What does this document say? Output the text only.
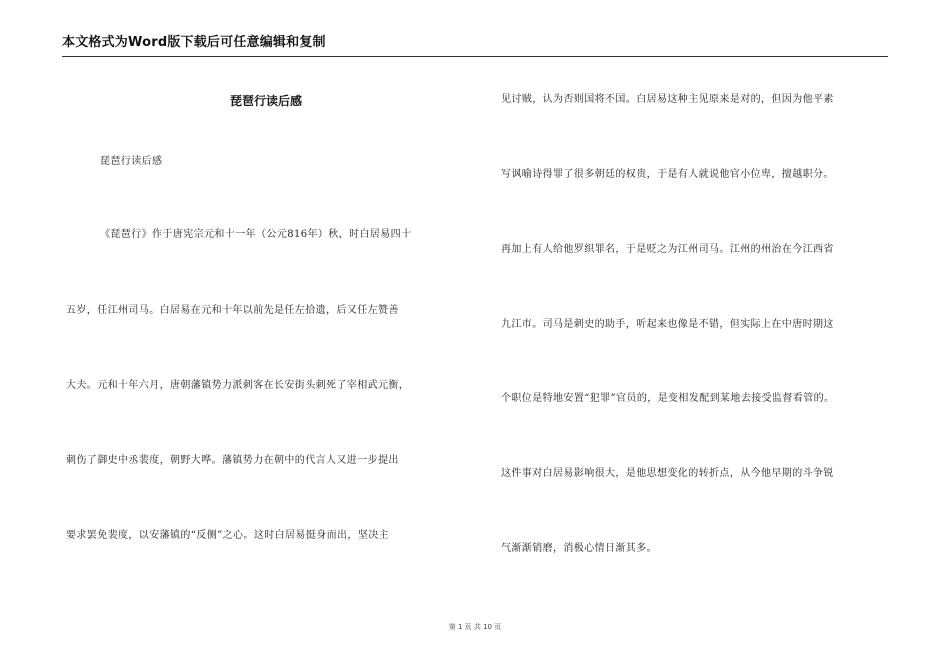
本文格式为Word版下载后可任意编辑和复制
琵琶行读后感
琵琶行读后感
《琵琶行》作于唐宪宗元和十一年（公元816年）秋，时白居易四十
五岁，任江州司马。白居易在元和十年以前先是任左拾遗，后又任左赞善
大夫。元和十年六月，唐朝藩镇势力派刺客在长安街头刺死了宰相武元衡，
刺伤了御史中丞裴度，朝野大哗。藩镇势力在朝中的代言人又进一步提出
要求罢免裴度，以安藩镇的“反侧”之心。这时白居易挺身而出，坚决主
见讨贼，认为否则国将不国。白居易这种主见原来是对的，但因为他平素
写讽喻诗得罪了很多朝廷的权贵，于是有人就说他官小位卑，擅越职分。
再加上有人给他罗织罪名，于是贬之为江州司马。江州的州治在今江西省
九江市。司马是刺史的助手，听起来也像是不错，但实际上在中唐时期这
个职位是特地安置“犯罪”官员的，是变相发配到某地去接受监督看管的。
这件事对白居易影响很大，是他思想变化的转折点，从今他早期的斗争锐
气渐渐销磨，消极心情日渐其多。
第 1 页 共 10 页
